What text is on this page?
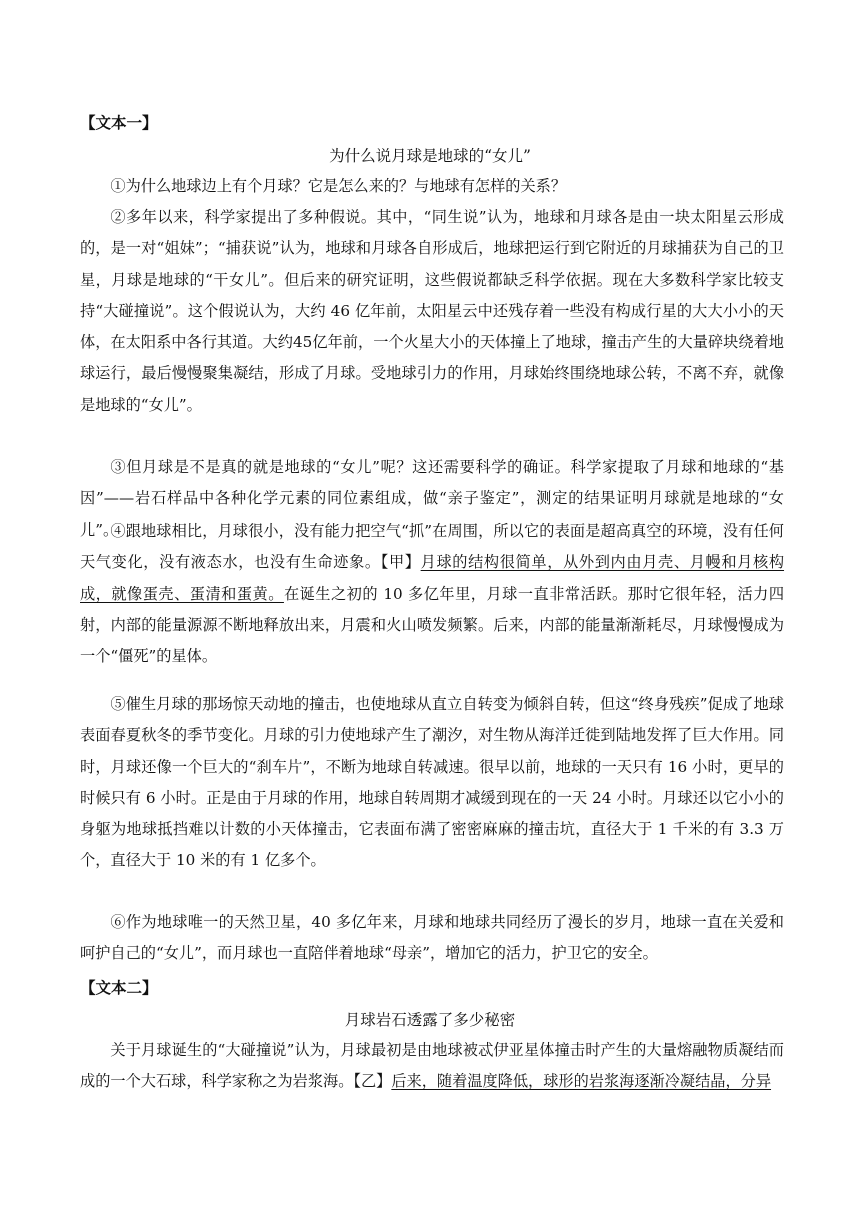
【文本一】
为什么说月球是地球的“女儿”

①为什么地球边上有个月球？它是怎么来的？与地球有怎样的关系？

②多年以来，科学家提出了多种假说。其中，“同生说”认为，地球和月球各是由一块太阳星云形成的，是一对“姐妹”；“捕获说”认为，地球和月球各自形成后，地球把运行到它附近的月球捕获为自己的卫星，月球是地球的“干女儿”。但后来的研究证明，这些假说都缺乏科学依据。现在大多数科学家比较支持“大碰撞说”。这个假说认为，大约 46 亿年前，太阳星云中还残存着一些没有构成行星的大大小小的天体，在太阳系中各行其道。大约45亿年前，一个火星大小的天体撞上了地球，撞击产生的大量碎块绕着地球运行，最后慢慢聚集凝结，形成了月球。受地球引力的作用，月球始终围绕地球公转，不离不弃，就像是地球的“女儿”。

③但月球是不是真的就是地球的“女儿”呢？这还需要科学的确证。科学家提取了月球和地球的“基因”——岩石样品中各种化学元素的同位素组成，做“亲子鉴定”，测定的结果证明月球就是地球的“女儿”。

④跟地球相比，月球很小，没有能力把空气“抓”在周围，所以它的表面是超高真空的环境，没有任何天气变化，没有液态水，也没有生命迹象。【甲】月球的结构很简单，从外到内由月壳、月幔和月核构成，就像蛋壳、蛋清和蛋黄。在诞生之初的 10 多亿年里，月球一直非常活跃。那时它很年轻，活力四射，内部的能量源源不断地释放出来，月震和火山喷发频繁。后来，内部的能量渐渐耗尽，月球慢慢成为一个“僵死”的星体。

⑤催生月球的那场惊天动地的撞击，也使地球从直立自转变为倾斜自转，但这“终身残疾”促成了地球表面春夏秋冬的季节变化。月球的引力使地球产生了潮汐，对生物从海洋迁徙到陆地发挥了巨大作用。同时，月球还像一个巨大的“刹车片”，不断为地球自转减速。很早以前，地球的一天只有 16 小时，更早的时候只有 6 小时。正是由于月球的作用，地球自转周期才减缓到现在的一天 24 小时。月球还以它小小的身躯为地球抵挡难以计数的小天体撞击，它表面布满了密密麻麻的撞击坑，直径大于 1 千米的有 3.3 万个，直径大于 10 米的有 1 亿多个。

⑥作为地球唯一的天然卫星，40 多亿年来，月球和地球共同经历了漫长的岁月，地球一直在关爱和呵护自己的“女儿”，而月球也一直陪伴着地球“母亲”，增加它的活力，护卫它的安全。

【文本二】
月球岩石透露了多少秘密

关于月球诞生的“大碰撞说”认为，月球最初是由地球被忒伊亚星体撞击时产生的大量熔融物质凝结而成的一个大石球，科学家称之为岩浆海。【乙】后来，随着温度降低，球形的岩浆海逐渐冷凝结晶，分异
